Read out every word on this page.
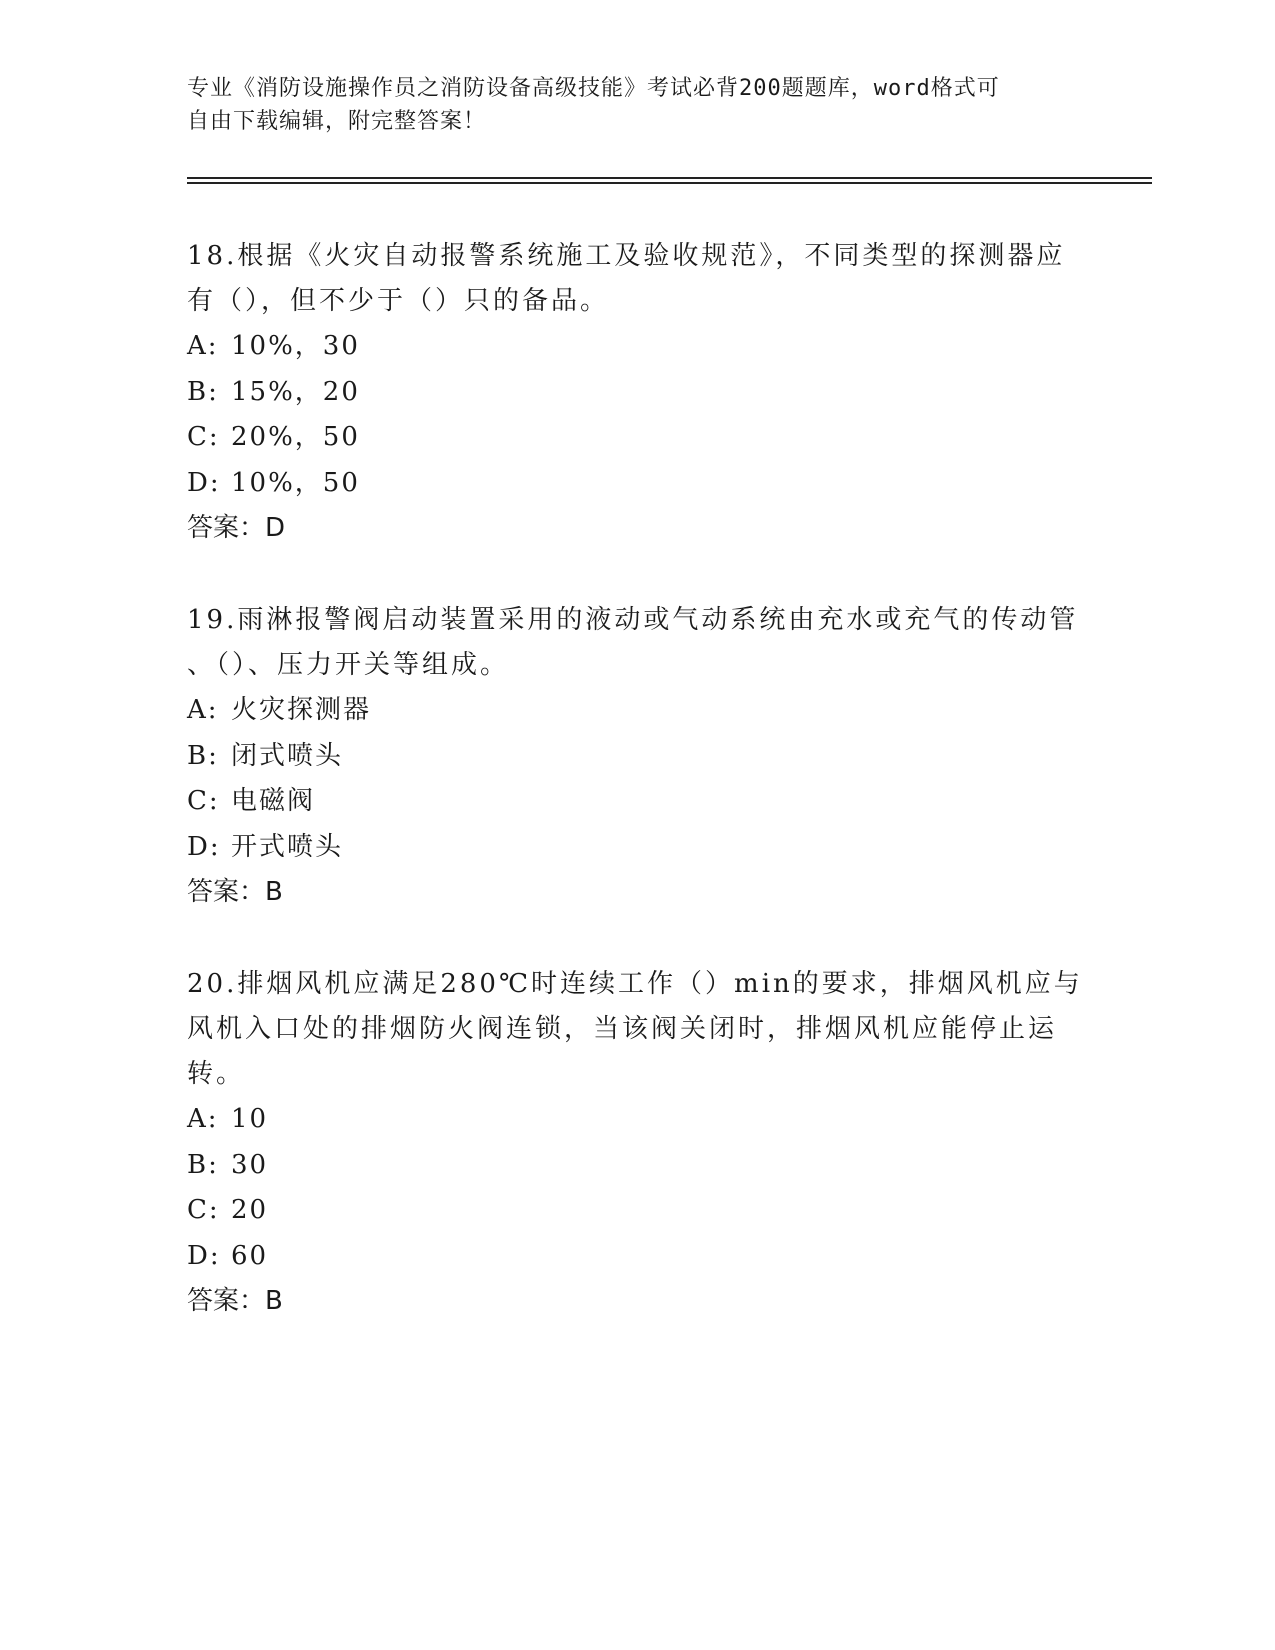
专业《消防设施操作员之消防设备高级技能》考试必背200题题库，word格式可
自由下载编辑，附完整答案！

18.根据《火灾自动报警系统施工及验收规范》，不同类型的探测器应

有（），但不少于（）只的备品。

A: 10%，30

B: 15%，20

C: 20%，50

D: 10%，50

答案：D

19.雨淋报警阀启动装置采用的液动或气动系统由充水或充气的传动管

、（）、压力开关等组成。

A: 火灾探测器

B: 闭式喷头

C: 电磁阀

D: 开式喷头

答案：B

20.排烟风机应满足280℃时连续工作（）min的要求，排烟风机应与

风机入口处的排烟防火阀连锁，当该阀关闭时，排烟风机应能停止运

转。

A: 10

B: 30

C: 20

D: 60

答案：B
